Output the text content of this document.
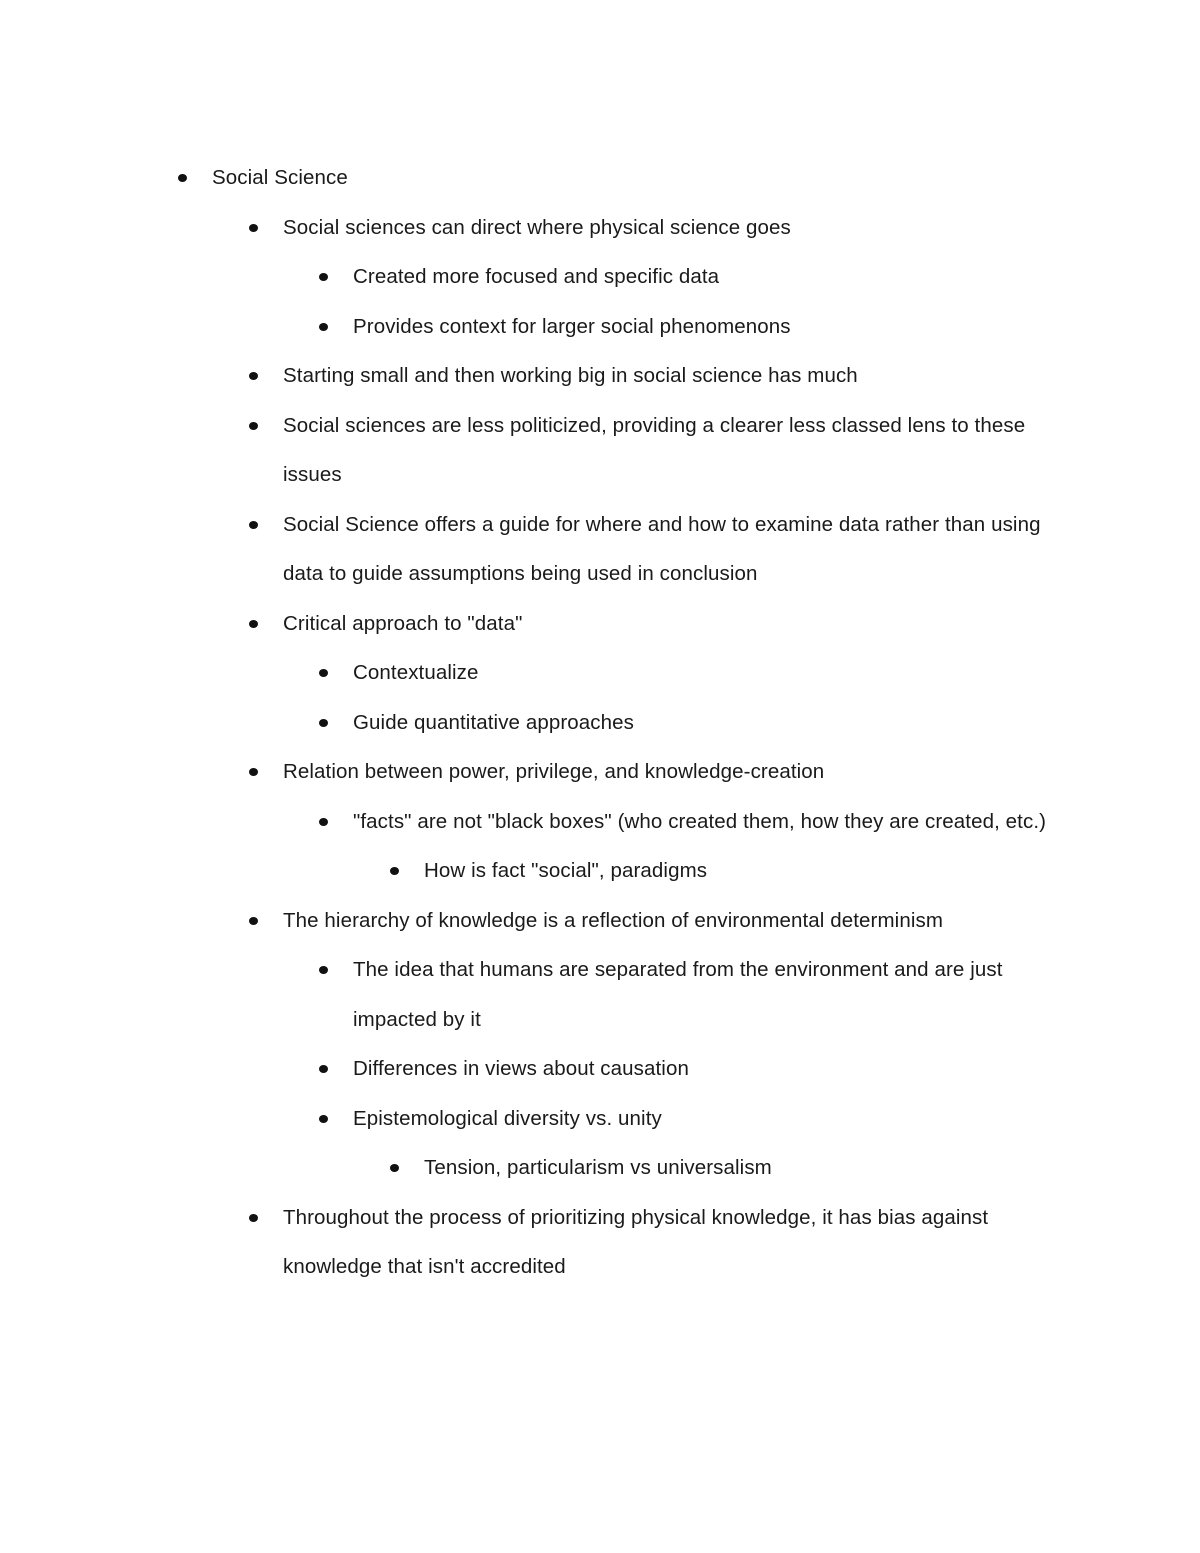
Social Science
Social sciences can direct where physical science goes
Created more focused and specific data
Provides context for larger social phenomenons
Starting small and then working big in social science has much
Social sciences are less politicized, providing a clearer less classed lens to these issues
Social Science offers a guide for where and how to examine data rather than using data to guide assumptions being used in conclusion
Critical approach to "data"
Contextualize
Guide quantitative approaches
Relation between power, privilege, and knowledge-creation
"facts" are not "black boxes" (who created them, how they are created, etc.)
How is fact "social", paradigms
The hierarchy of knowledge is a reflection of environmental determinism
The idea that humans are separated from the environment and are just impacted by it
Differences in views about causation
Epistemological diversity vs. unity
Tension, particularism vs universalism
Throughout the process of prioritizing physical knowledge, it has bias against knowledge that isn't accredited
